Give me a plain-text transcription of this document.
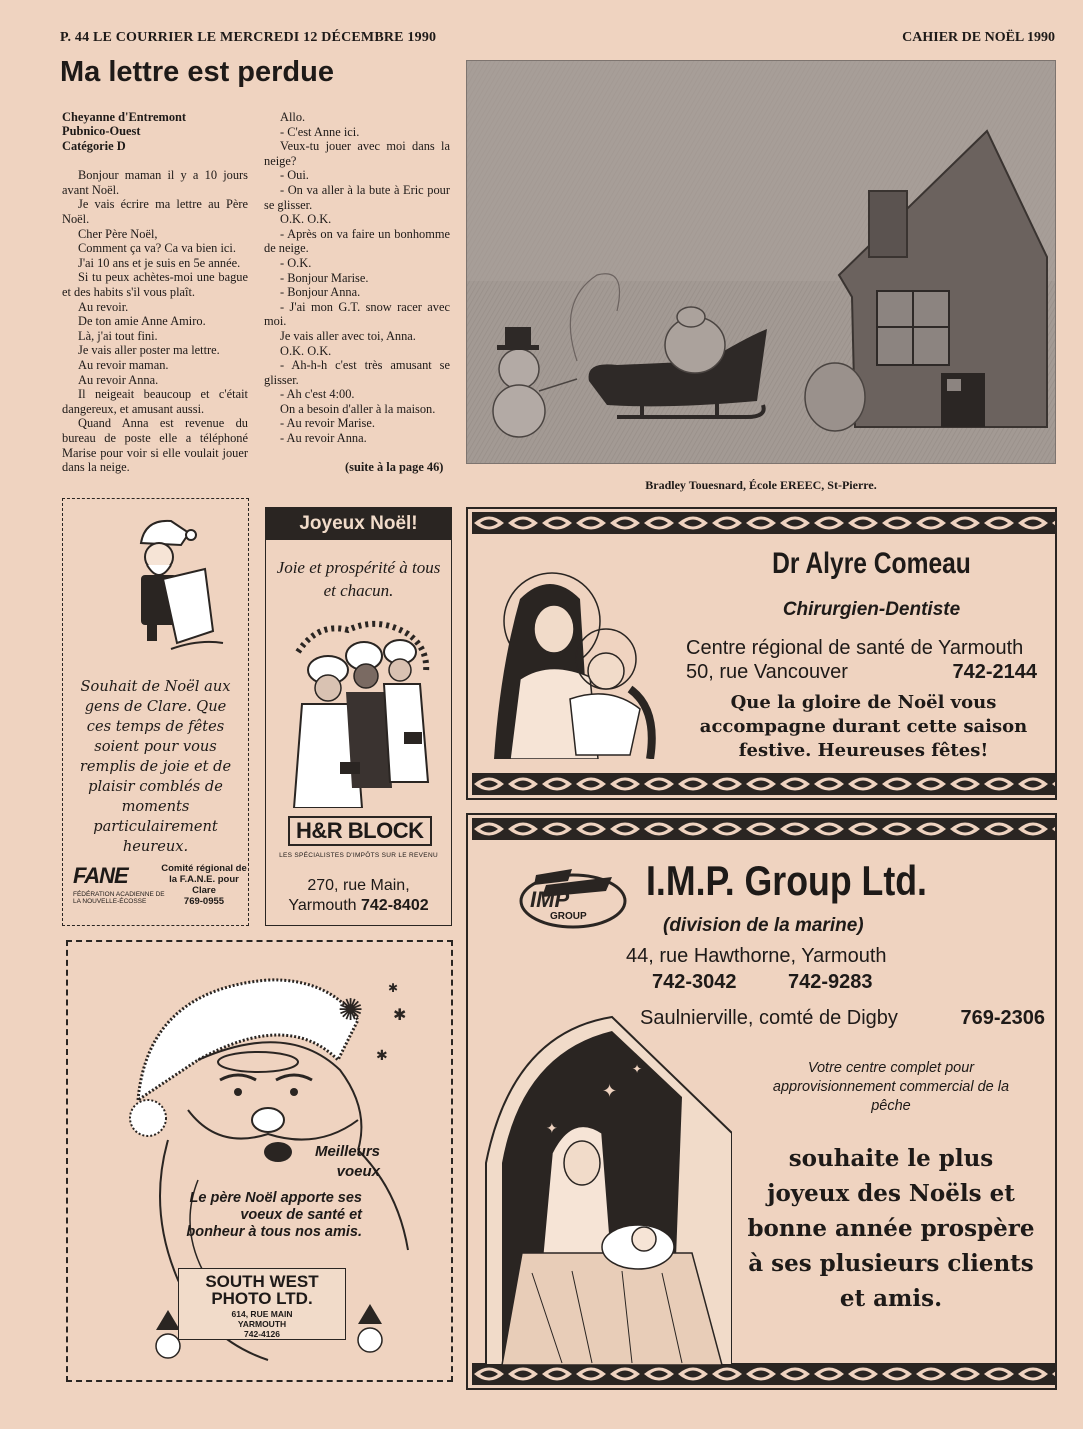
P. 44 LE COURRIER LE MERCREDI 12 DÉCEMBRE 1990	CAHIER DE NOËL 1990
Ma lettre est perdue
Cheyanne d'Entremont
Pubnico-Ouest
Catégorie D

Bonjour maman il y a 10 jours avant Noël.

Je vais écrire ma lettre au Père Noël.

Cher Père Noël,

Comment ça va? Ca va bien ici.

J'ai 10 ans et je suis en 5e année.

Si tu peux achètes-moi une bague et des habits s'il vous plaît.

Au revoir.

De ton amie Anne Amiro.

Là, j'ai tout fini.

Je vais aller poster ma lettre.

Au revoir maman.

Au revoir Anna.

Il neigeait beaucoup et c'était dangereux, et amusant aussi.

Quand Anna est revenue du bureau de poste elle a téléphoné Marise pour voir si elle voulait jouer dans la neige.

Allo.

- C'est Anne ici.

Veux-tu jouer avec moi dans la neige?

- Oui.

- On va aller à la bute à Eric pour se glisser.

O.K. O.K.

- Après on va faire un bonhomme de neige.

- O.K.

- Bonjour Marise.

- Bonjour Anna.

- J'ai mon G.T. snow racer avec moi.

Je vais aller avec toi, Anna.

O.K. O.K.

- Ah-h-h c'est très amusant se glisser.

- Ah c'est 4:00.

On a besoin d'aller à la maison.

- Au revoir Marise.

- Au revoir Anna.

(suite à la page 46)
Bradley Touesnard, École EREEC, St-Pierre.
Souhait de Noël aux gens de Clare. Que ces temps de fêtes soient pour vous remplis de joie et de plaisir comblés de moments particulairement heureux.
FANE
FÉDÉRATION ACADIENNE DE LA NOUVELLE-ÉCOSSE
Comité régional de la F.A.N.E. pour Clare
769-0955
Joyeux Noël!
Joie et prospérité à tous et chacun.
H&R BLOCK
LES SPÉCIALISTES D'IMPÔTS SUR LE REVENU
270, rue Main,
Yarmouth 742-8402
Dr Alyre Comeau
Chirurgien-Dentiste
Centre régional de santé de Yarmouth
50, rue Vancouver	742-2144
Que la gloire de Noël vous accompagne durant cette saison festive. Heureuses fêtes!
IMP
GROUP
I.M.P. Group Ltd.
(division de la marine)
44, rue Hawthorne, Yarmouth
742-3042	742-9283
Saulnierville, comté de Digby	769-2306
✦
✦
✦	Votre centre complet pour approvisionnement commercial de la pêche
souhaite le plus joyeux des Noëls et bonne année prospère à ses plusieurs clients et amis.
✺ ✱
✱
✱
Meilleurs voeux
Le père Noël apporte ses voeux de santé et bonheur à tous nos amis.
SOUTH WEST PHOTO LTD.
614, RUE MAIN
YARMOUTH
742-4126
